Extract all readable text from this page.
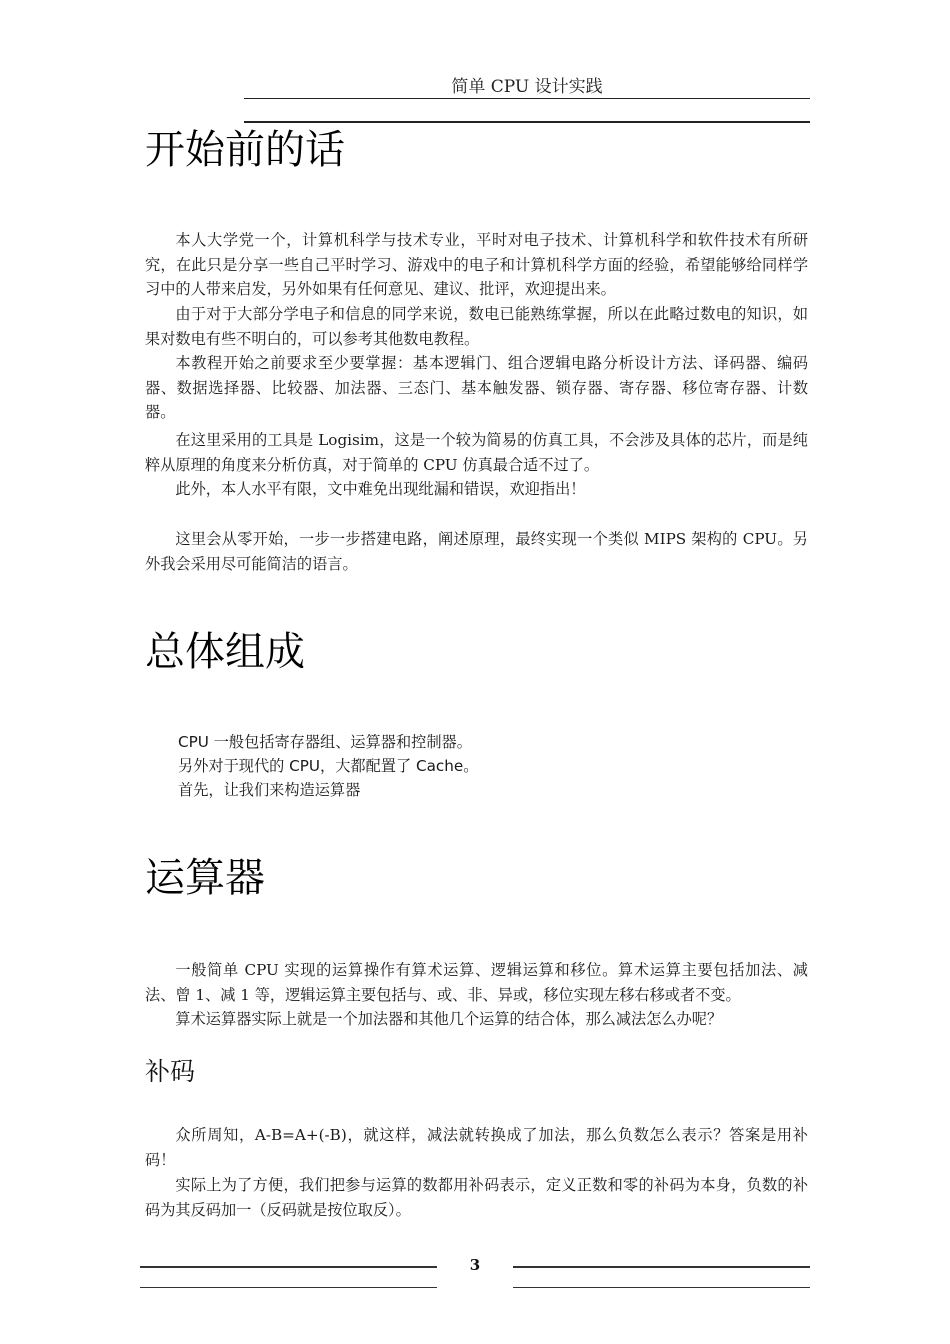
简单 CPU 设计实践
开始前的话

本人大学党一个，计算机科学与技术专业，平时对电子技术、计算机科学和软件技术有所研究，在此只是分享一些自己平时学习、游戏中的电子和计算机科学方面的经验，希望能够给同样学习中的人带来启发，另外如果有任何意见、建议、批评，欢迎提出来。

由于对于大部分学电子和信息的同学来说，数电已能熟练掌握，所以在此略过数电的知识，如果对数电有些不明白的，可以参考其他数电教程。

本教程开始之前要求至少要掌握：基本逻辑门、组合逻辑电路分析设计方法、译码器、编码器、数据选择器、比较器、加法器、三态门、基本触发器、锁存器、寄存器、移位寄存器、计数器。

在这里采用的工具是 Logisim，这是一个较为简易的仿真工具，不会涉及具体的芯片，而是纯粹从原理的角度来分析仿真，对于简单的 CPU 仿真最合适不过了。

此外，本人水平有限，文中难免出现纰漏和错误，欢迎指出！

这里会从零开始，一步一步搭建电路，阐述原理，最终实现一个类似 MIPS 架构的 CPU。另外我会采用尽可能简洁的语言。

总体组成
CPU 一般包括寄存器组、运算器和控制器。
另外对于现代的 CPU，大都配置了 Cache。
首先，让我们来构造运算器
运算器

一般简单 CPU 实现的运算操作有算术运算、逻辑运算和移位。算术运算主要包括加法、减法、曾 1、减 1 等，逻辑运算主要包括与、或、非、异或，移位实现左移右移或者不变。

算术运算器实际上就是一个加法器和其他几个运算的结合体，那么减法怎么办呢？

补码

众所周知，A-B=A+(-B)，就这样，减法就转换成了加法，那么负数怎么表示？答案是用补码！

实际上为了方便，我们把参与运算的数都用补码表示，定义正数和零的补码为本身，负数的补码为其反码加一（反码就是按位取反）。

3
